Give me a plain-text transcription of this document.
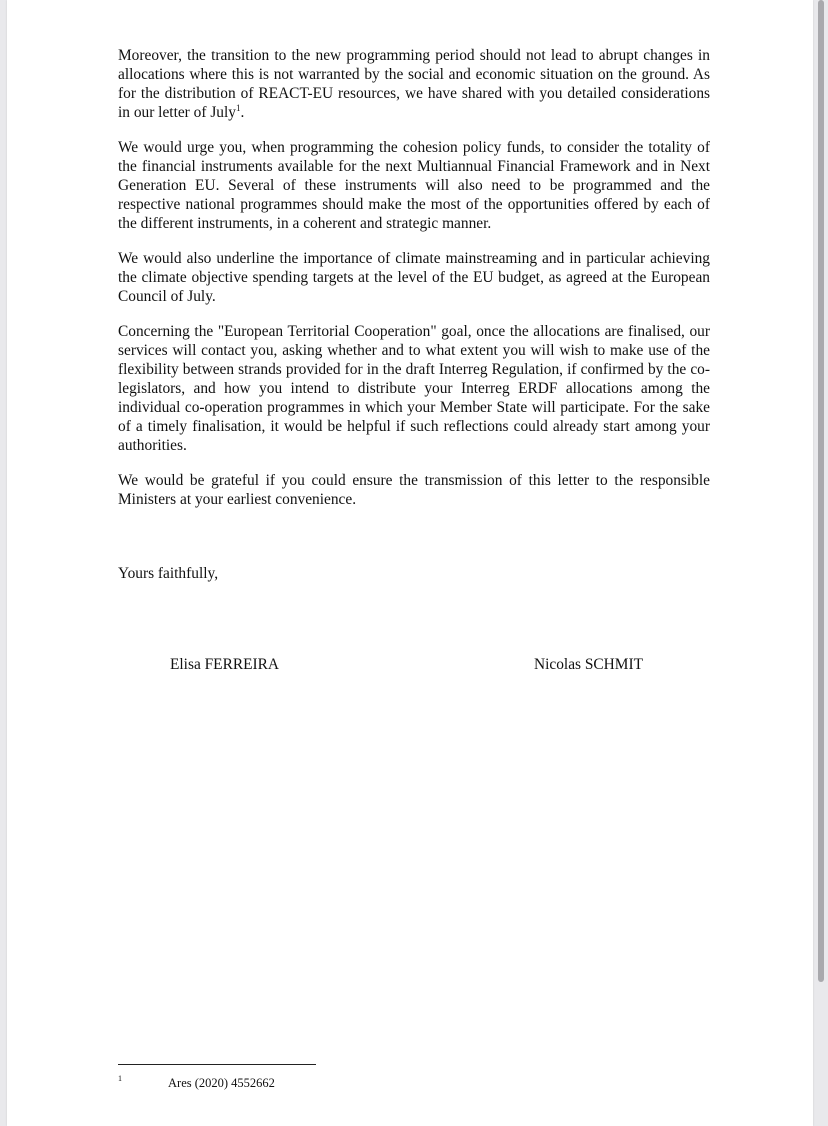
Moreover, the transition to the new programming period should not lead to abrupt changes in allocations where this is not warranted by the social and economic situation on the ground. As for the distribution of REACT-EU resources, we have shared with you detailed considerations in our letter of July$^1$.

We would urge you, when programming the cohesion policy funds, to consider the totality of the financial instruments available for the next Multiannual Financial Framework and in Next Generation EU. Several of these instruments will also need to be programmed and the respective national programmes should make the most of the opportunities offered by each of the different instruments, in a coherent and strategic manner.

We would also underline the importance of climate mainstreaming and in particular achieving the climate objective spending targets at the level of the EU budget, as agreed at the European Council of July.

Concerning the "European Territorial Cooperation" goal, once the allocations are finalised, our services will contact you, asking whether and to what extent you will wish to make use of the flexibility between strands provided for in the draft Interreg Regulation, if confirmed by the co-legislators, and how you intend to distribute your Interreg ERDF allocations among the individual co-operation programmes in which your Member State will participate. For the sake of a timely finalisation, it would be helpful if such reflections could already start among your authorities.

We would be grateful if you could ensure the transmission of this letter to the responsible Ministers at your earliest convenience.

Yours faithfully,
Elisa FERREIRA	Nicolas SCHMIT
1	Ares (2020) 4552662
